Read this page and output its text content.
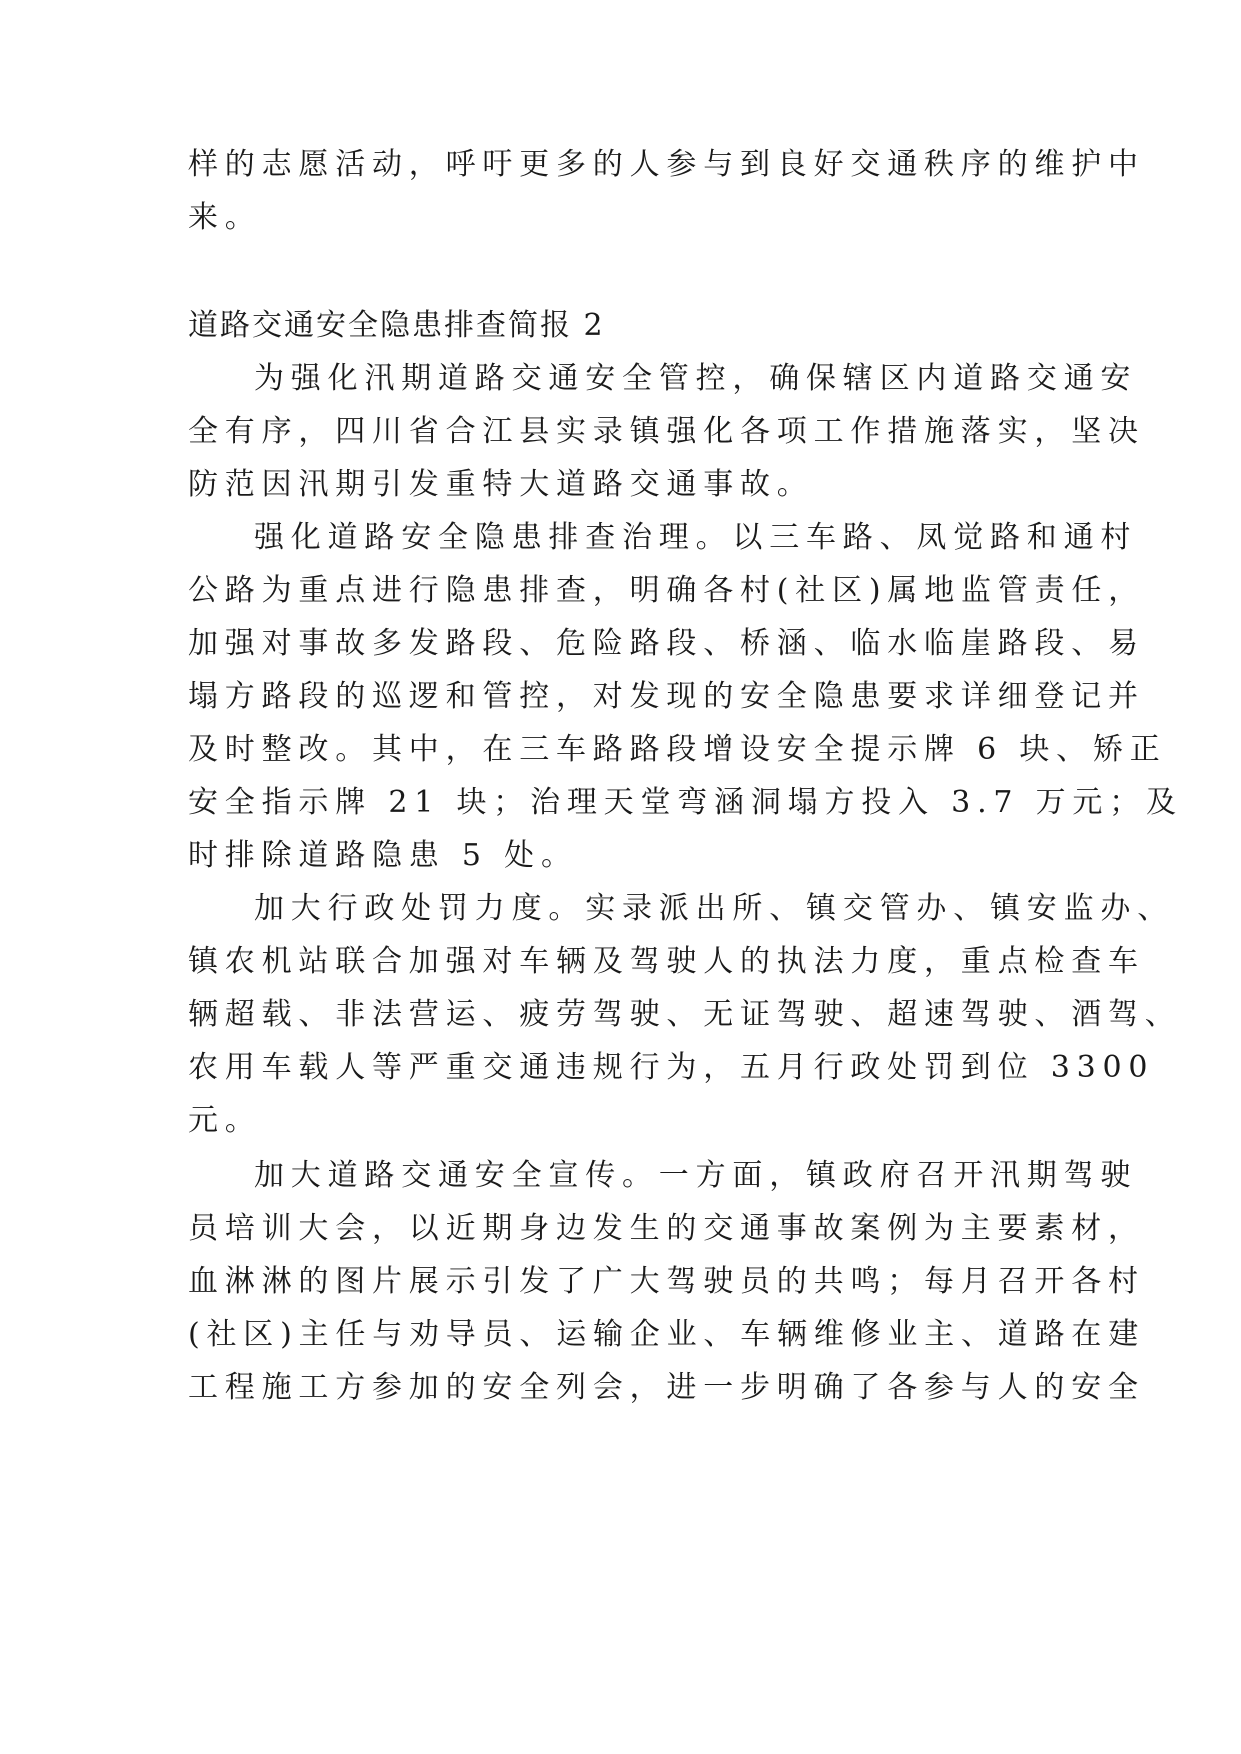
样的志愿活动，呼吁更多的人参与到良好交通秩序的维护中
来。
道路交通安全隐患排查简报 2
为强化汛期道路交通安全管控，确保辖区内道路交通安
全有序，四川省合江县实录镇强化各项工作措施落实，坚决
防范因汛期引发重特大道路交通事故。
强化道路安全隐患排查治理。以三车路、凤觉路和通村
公路为重点进行隐患排查，明确各村(社区)属地监管责任，
加强对事故多发路段、危险路段、桥涵、临水临崖路段、易
塌方路段的巡逻和管控，对发现的安全隐患要求详细登记并
及时整改。其中，在三车路路段增设安全提示牌 6 块、矫正
安全指示牌 21 块；治理天堂弯涵洞塌方投入 3.7 万元；及
时排除道路隐患 5 处。
加大行政处罚力度。实录派出所、镇交管办、镇安监办、
镇农机站联合加强对车辆及驾驶人的执法力度，重点检查车
辆超载、非法营运、疲劳驾驶、无证驾驶、超速驾驶、酒驾、
农用车载人等严重交通违规行为，五月行政处罚到位 3300
元。
加大道路交通安全宣传。一方面，镇政府召开汛期驾驶
员培训大会，以近期身边发生的交通事故案例为主要素材，
血淋淋的图片展示引发了广大驾驶员的共鸣；每月召开各村
(社区)主任与劝导员、运输企业、车辆维修业主、道路在建
工程施工方参加的安全列会，进一步明确了各参与人的安全
